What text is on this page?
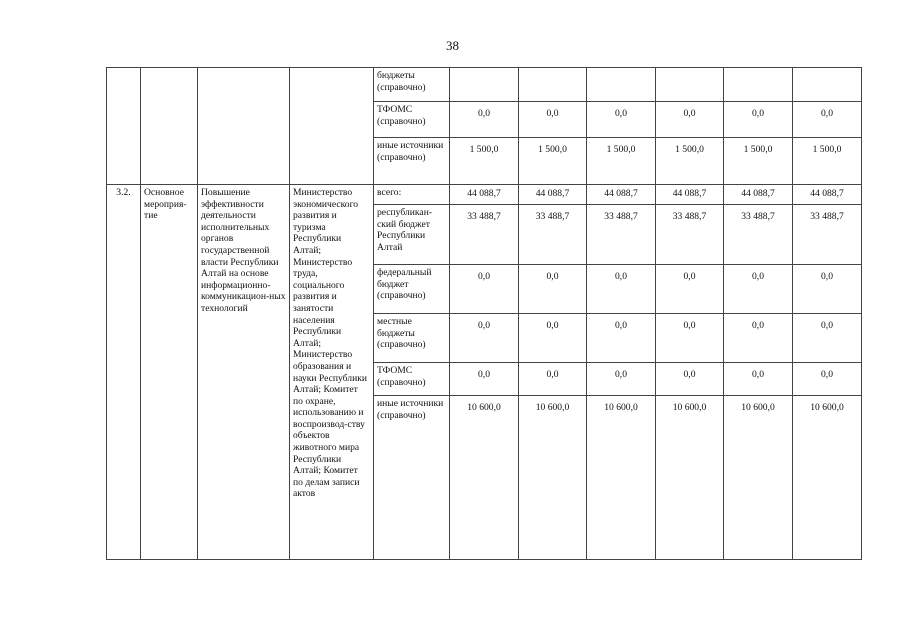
38
				бюджеты (справочно)						
				ТФОМС (справочно)	0,0	0,0	0,0	0,0	0,0	0,0
				иные источники (справочно)	1 500,0	1 500,0	1 500,0	1 500,0	1 500,0	1 500,0
3.2.	Основное мероприя-тие	Повышение эффективности деятельности исполнительных органов государственной власти Республики Алтай на основе информационно-коммуникацион-ных технологий	Министерство экономического развития и туризма Республики Алтай; Министерство труда, социального развития и занятости населения Республики Алтай; Министерство образования и науки Республики Алтай; Комитет по охране, использованию и воспроизвод-ству объектов животного мира Республики Алтай; Комитет по делам записи актов	всего:	44 088,7	44 088,7	44 088,7	44 088,7	44 088,7	44 088,7
				республикан-ский бюджет Республики Алтай	33 488,7	33 488,7	33 488,7	33 488,7	33 488,7	33 488,7
				федеральный бюджет (справочно)	0,0	0,0	0,0	0,0	0,0	0,0
				местные бюджеты (справочно)	0,0	0,0	0,0	0,0	0,0	0,0
				ТФОМС (справочно)	0,0	0,0	0,0	0,0	0,0	0,0
				иные источники (справочно)	10 600,0	10 600,0	10 600,0	10 600,0	10 600,0	10 600,0
